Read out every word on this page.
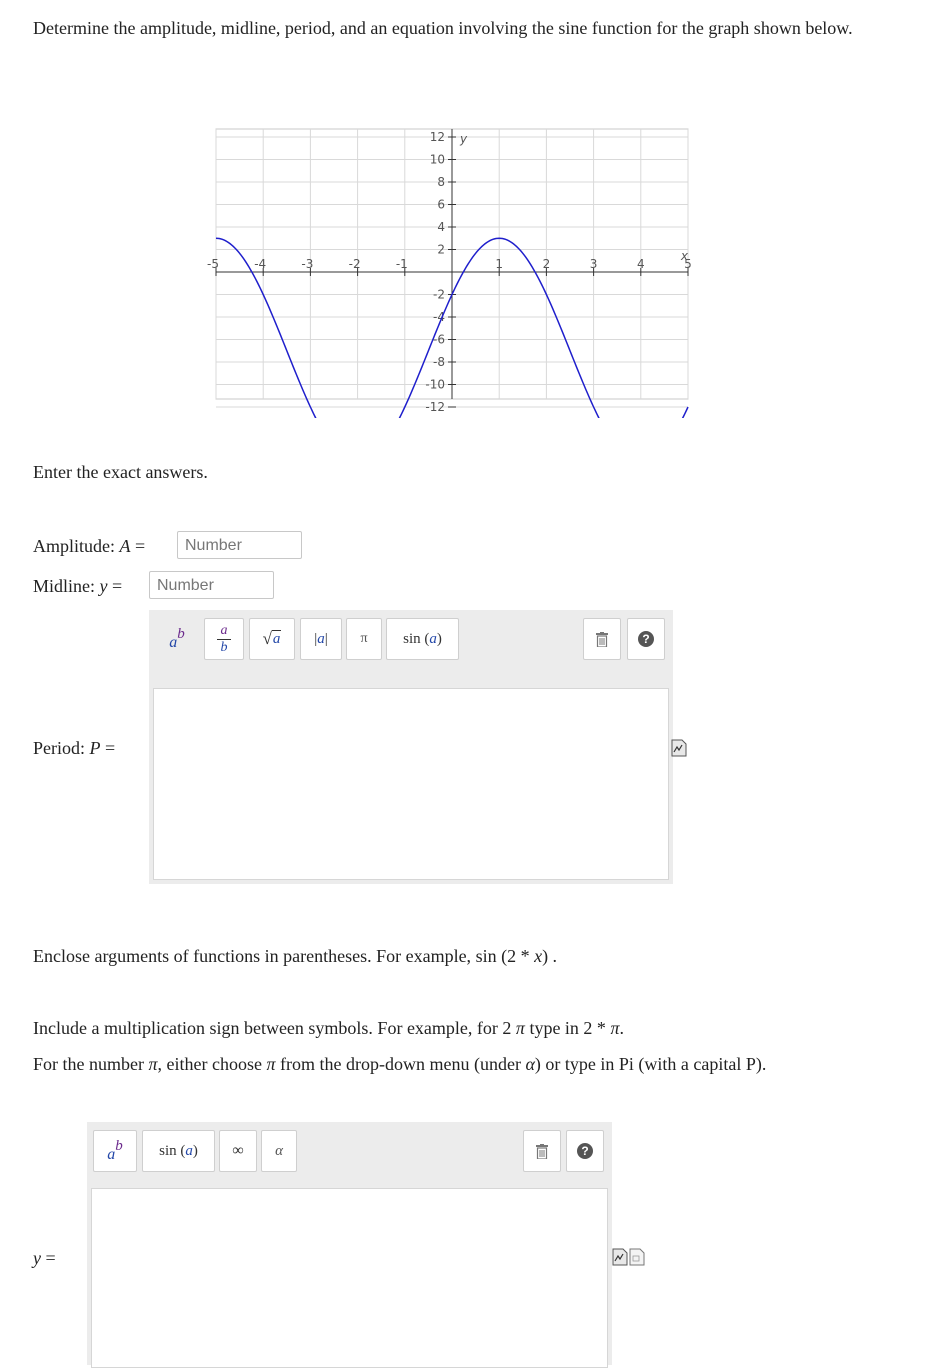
Determine the amplitude, midline, period, and an equation involving the sine function for the graph shown below.
-5	-4	-3	-2	-1	1	2	3	4	5
12
10
8
6
4
2
-2
-4
-6
-8
-10
-12
x
y
Enter the exact answers.
Amplitude: A =	Number
Midline: y =	Number
Period: P =
a
b	a
b √ a | a |	π	sin ( a )	?
Enclose arguments of functions in parentheses. For example, sin (2 * x) .
Include a multiplication sign between symbols. For example, for 2 π type in 2 * π.
For the number π, either choose π from the drop-down menu (under α) or type in Pi (with a capital P).
y =
a
b sin ( a )	∞	α	?
